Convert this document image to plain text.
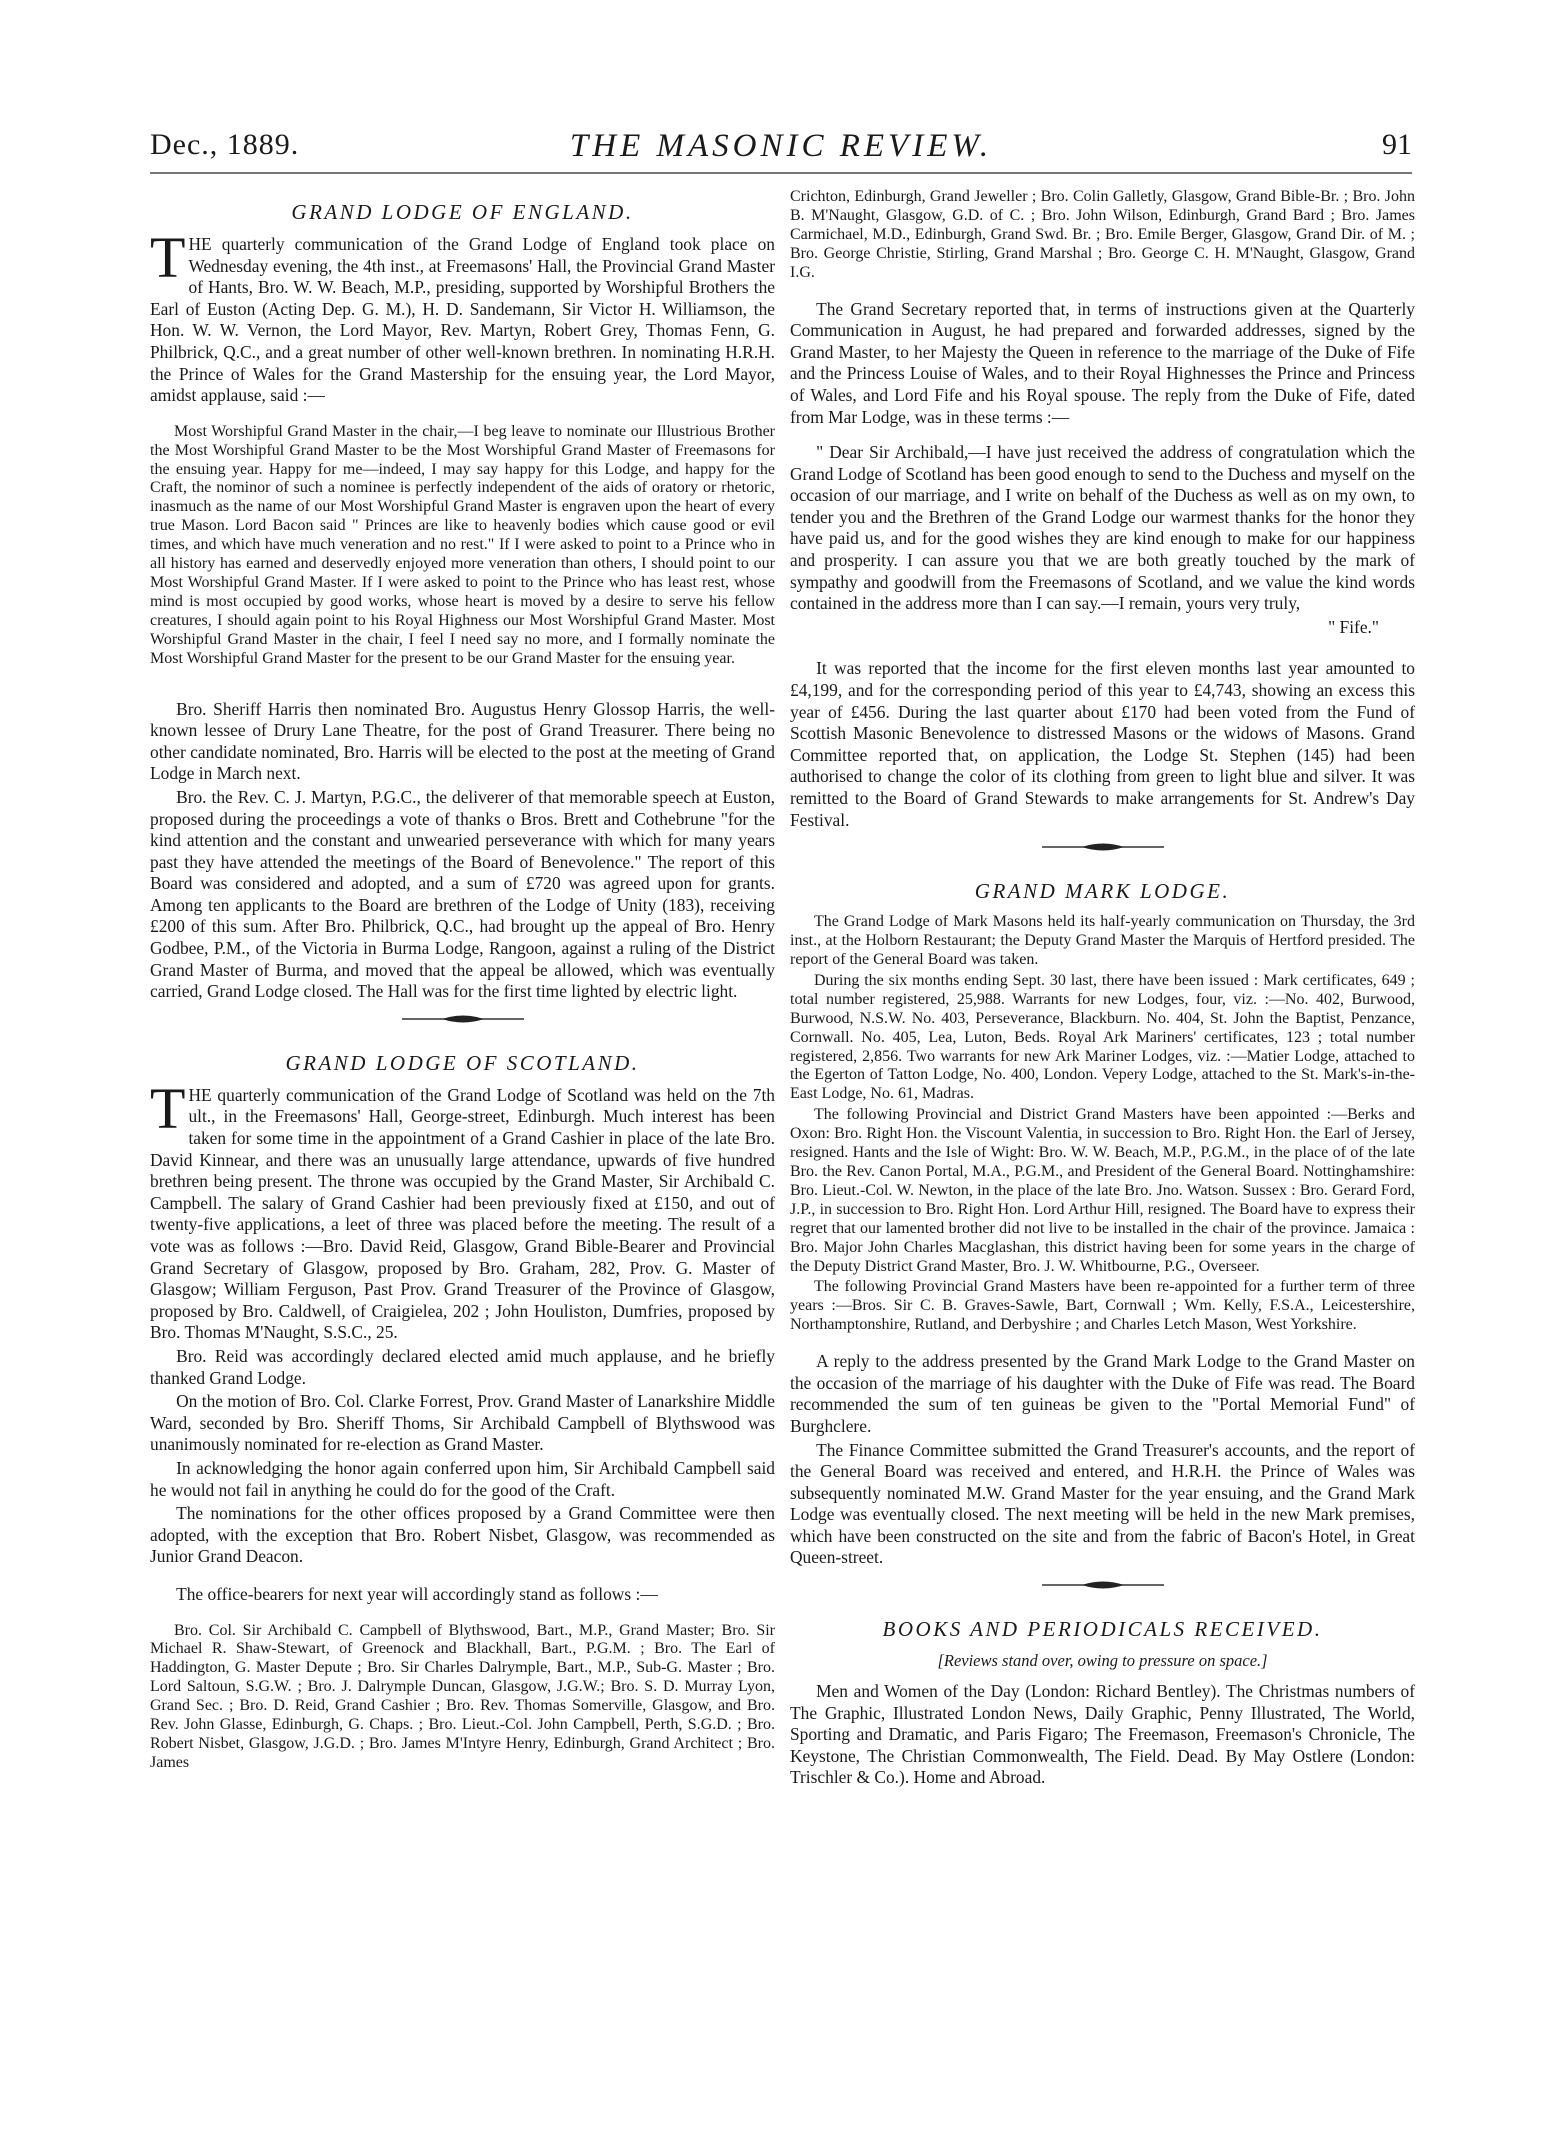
Dec., 1889.	THE MASONIC REVIEW.	91
GRAND LODGE OF ENGLAND.

THE quarterly communication of the Grand Lodge of England took place on Wednesday evening, the 4th inst., at Freemasons' Hall, the Provincial Grand Master of Hants, Bro. W. W. Beach, M.P., presiding, supported by Worshipful Brothers the Earl of Euston (Acting Dep. G. M.), H. D. Sandemann, Sir Victor H. Williamson, the Hon. W. W. Vernon, the Lord Mayor, Rev. Martyn, Robert Grey, Thomas Fenn, G. Philbrick, Q.C., and a great number of other well-known brethren. In nominating H.R.H. the Prince of Wales for the Grand Mastership for the ensuing year, the Lord Mayor, amidst applause, said :—

Most Worshipful Grand Master in the chair,—I beg leave to nominate our Illustrious Brother the Most Worshipful Grand Master to be the Most Worshipful Grand Master of Freemasons for the ensuing year. Happy for me—indeed, I may say happy for this Lodge, and happy for the Craft, the nominor of such a nominee is perfectly independent of the aids of oratory or rhetoric, inasmuch as the name of our Most Worshipful Grand Master is engraven upon the heart of every true Mason. Lord Bacon said " Princes are like to heavenly bodies which cause good or evil times, and which have much veneration and no rest." If I were asked to point to a Prince who in all history has earned and deservedly enjoyed more veneration than others, I should point to our Most Worshipful Grand Master. If I were asked to point to the Prince who has least rest, whose mind is most occupied by good works, whose heart is moved by a desire to serve his fellow creatures, I should again point to his Royal Highness our Most Worshipful Grand Master. Most Worshipful Grand Master in the chair, I feel I need say no more, and I formally nominate the Most Worshipful Grand Master for the present to be our Grand Master for the ensuing year.

Bro. Sheriff Harris then nominated Bro. Augustus Henry Glossop Harris, the well-known lessee of Drury Lane Theatre, for the post of Grand Treasurer. There being no other candidate nominated, Bro. Harris will be elected to the post at the meeting of Grand Lodge in March next.

Bro. the Rev. C. J. Martyn, P.G.C., the deliverer of that memorable speech at Euston, proposed during the proceedings a vote of thanks o Bros. Brett and Cothebrune "for the kind attention and the constant and unwearied perseverance with which for many years past they have attended the meetings of the Board of Benevolence." The report of this Board was considered and adopted, and a sum of £720 was agreed upon for grants. Among ten applicants to the Board are brethren of the Lodge of Unity (183), receiving £200 of this sum. After Bro. Philbrick, Q.C., had brought up the appeal of Bro. Henry Godbee, P.M., of the Victoria in Burma Lodge, Rangoon, against a ruling of the District Grand Master of Burma, and moved that the appeal be allowed, which was eventually carried, Grand Lodge closed. The Hall was for the first time lighted by electric light.

GRAND LODGE OF SCOTLAND.

THE quarterly communication of the Grand Lodge of Scotland was held on the 7th ult., in the Freemasons' Hall, George-street, Edinburgh. Much interest has been taken for some time in the appointment of a Grand Cashier in place of the late Bro. David Kinnear, and there was an unusually large attendance, upwards of five hundred brethren being present. The throne was occupied by the Grand Master, Sir Archibald C. Campbell. The salary of Grand Cashier had been previously fixed at £150, and out of twenty-five applications, a leet of three was placed before the meeting. The result of a vote was as follows :—Bro. David Reid, Glasgow, Grand Bible-Bearer and Provincial Grand Secretary of Glasgow, proposed by Bro. Graham, 282, Prov. G. Master of Glasgow; William Ferguson, Past Prov. Grand Treasurer of the Province of Glasgow, proposed by Bro. Caldwell, of Craigielea, 202 ; John Houliston, Dumfries, proposed by Bro. Thomas M'Naught, S.S.C., 25.

Bro. Reid was accordingly declared elected amid much applause, and he briefly thanked Grand Lodge.

On the motion of Bro. Col. Clarke Forrest, Prov. Grand Master of Lanarkshire Middle Ward, seconded by Bro. Sheriff Thoms, Sir Archibald Campbell of Blythswood was unanimously nominated for re-election as Grand Master.

In acknowledging the honor again conferred upon him, Sir Archibald Campbell said he would not fail in anything he could do for the good of the Craft.

The nominations for the other offices proposed by a Grand Committee were then adopted, with the exception that Bro. Robert Nisbet, Glasgow, was recommended as Junior Grand Deacon.

The office-bearers for next year will accordingly stand as follows :—

Bro. Col. Sir Archibald C. Campbell of Blythswood, Bart., M.P., Grand Master; Bro. Sir Michael R. Shaw-Stewart, of Greenock and Blackhall, Bart., P.G.M. ; Bro. The Earl of Haddington, G. Master Depute ; Bro. Sir Charles Dalrymple, Bart., M.P., Sub-G. Master ; Bro. Lord Saltoun, S.G.W. ; Bro. J. Dalrymple Duncan, Glasgow, J.G.W.; Bro. S. D. Murray Lyon, Grand Sec. ; Bro. D. Reid, Grand Cashier ; Bro. Rev. Thomas Somerville, Glasgow, and Bro. Rev. John Glasse, Edinburgh, G. Chaps. ; Bro. Lieut.-Col. John Campbell, Perth, S.G.D. ; Bro. Robert Nisbet, Glasgow, J.G.D. ; Bro. James M'Intyre Henry, Edinburgh, Grand Architect ; Bro. James

Crichton, Edinburgh, Grand Jeweller ; Bro. Colin Galletly, Glasgow, Grand Bible-Br. ; Bro. John B. M'Naught, Glasgow, G.D. of C. ; Bro. John Wilson, Edinburgh, Grand Bard ; Bro. James Carmichael, M.D., Edinburgh, Grand Swd. Br. ; Bro. Emile Berger, Glasgow, Grand Dir. of M. ; Bro. George Christie, Stirling, Grand Marshal ; Bro. George C. H. M'Naught, Glasgow, Grand I.G.

The Grand Secretary reported that, in terms of instructions given at the Quarterly Communication in August, he had prepared and forwarded addresses, signed by the Grand Master, to her Majesty the Queen in reference to the marriage of the Duke of Fife and the Princess Louise of Wales, and to their Royal Highnesses the Prince and Princess of Wales, and Lord Fife and his Royal spouse. The reply from the Duke of Fife, dated from Mar Lodge, was in these terms :—

" Dear Sir Archibald,—I have just received the address of congratulation which the Grand Lodge of Scotland has been good enough to send to the Duchess and myself on the occasion of our marriage, and I write on behalf of the Duchess as well as on my own, to tender you and the Brethren of the Grand Lodge our warmest thanks for the honor they have paid us, and for the good wishes they are kind enough to make for our happiness and prosperity. I can assure you that we are both greatly touched by the mark of sympathy and goodwill from the Freemasons of Scotland, and we value the kind words contained in the address more than I can say.—I remain, yours very truly,

" Fife."

It was reported that the income for the first eleven months last year amounted to £4,199, and for the corresponding period of this year to £4,743, showing an excess this year of £456. During the last quarter about £170 had been voted from the Fund of Scottish Masonic Benevolence to distressed Masons or the widows of Masons. Grand Committee reported that, on application, the Lodge St. Stephen (145) had been authorised to change the color of its clothing from green to light blue and silver. It was remitted to the Board of Grand Stewards to make arrangements for St. Andrew's Day Festival.

GRAND MARK LODGE.

The Grand Lodge of Mark Masons held its half-yearly communication on Thursday, the 3rd inst., at the Holborn Restaurant; the Deputy Grand Master the Marquis of Hertford presided. The report of the General Board was taken.

During the six months ending Sept. 30 last, there have been issued : Mark certificates, 649 ; total number registered, 25,988. Warrants for new Lodges, four, viz. :—No. 402, Burwood, Burwood, N.S.W. No. 403, Perseverance, Blackburn. No. 404, St. John the Baptist, Penzance, Cornwall. No. 405, Lea, Luton, Beds. Royal Ark Mariners' certificates, 123 ; total number registered, 2,856. Two warrants for new Ark Mariner Lodges, viz. :—Matier Lodge, attached to the Egerton of Tatton Lodge, No. 400, London. Vepery Lodge, attached to the St. Mark's-in-the-East Lodge, No. 61, Madras.

The following Provincial and District Grand Masters have been appointed :—Berks and Oxon: Bro. Right Hon. the Viscount Valentia, in succession to Bro. Right Hon. the Earl of Jersey, resigned. Hants and the Isle of Wight: Bro. W. W. Beach, M.P., P.G.M., in the place of of the late Bro. the Rev. Canon Portal, M.A., P.G.M., and President of the General Board. Nottinghamshire: Bro. Lieut.-Col. W. Newton, in the place of the late Bro. Jno. Watson. Sussex : Bro. Gerard Ford, J.P., in succession to Bro. Right Hon. Lord Arthur Hill, resigned. The Board have to express their regret that our lamented brother did not live to be installed in the chair of the province. Jamaica : Bro. Major John Charles Macglashan, this district having been for some years in the charge of the Deputy District Grand Master, Bro. J. W. Whitbourne, P.G., Overseer.

The following Provincial Grand Masters have been re-appointed for a further term of three years :—Bros. Sir C. B. Graves-Sawle, Bart, Cornwall ; Wm. Kelly, F.S.A., Leicestershire, Northamptonshire, Rutland, and Derbyshire ; and Charles Letch Mason, West Yorkshire.

A reply to the address presented by the Grand Mark Lodge to the Grand Master on the occasion of the marriage of his daughter with the Duke of Fife was read. The Board recommended the sum of ten guineas be given to the "Portal Memorial Fund" of Burghclere.

The Finance Committee submitted the Grand Treasurer's accounts, and the report of the General Board was received and entered, and H.R.H. the Prince of Wales was subsequently nominated M.W. Grand Master for the year ensuing, and the Grand Mark Lodge was eventually closed. The next meeting will be held in the new Mark premises, which have been constructed on the site and from the fabric of Bacon's Hotel, in Great Queen-street.

BOOKS AND PERIODICALS RECEIVED.
[Reviews stand over, owing to pressure on space.]

Men and Women of the Day (London: Richard Bentley). The Christmas numbers of The Graphic, Illustrated London News, Daily Graphic, Penny Illustrated, The World, Sporting and Dramatic, and Paris Figaro; The Freemason, Freemason's Chronicle, The Keystone, The Christian Commonwealth, The Field. Dead. By May Ostlere (London: Trischler & Co.). Home and Abroad.
